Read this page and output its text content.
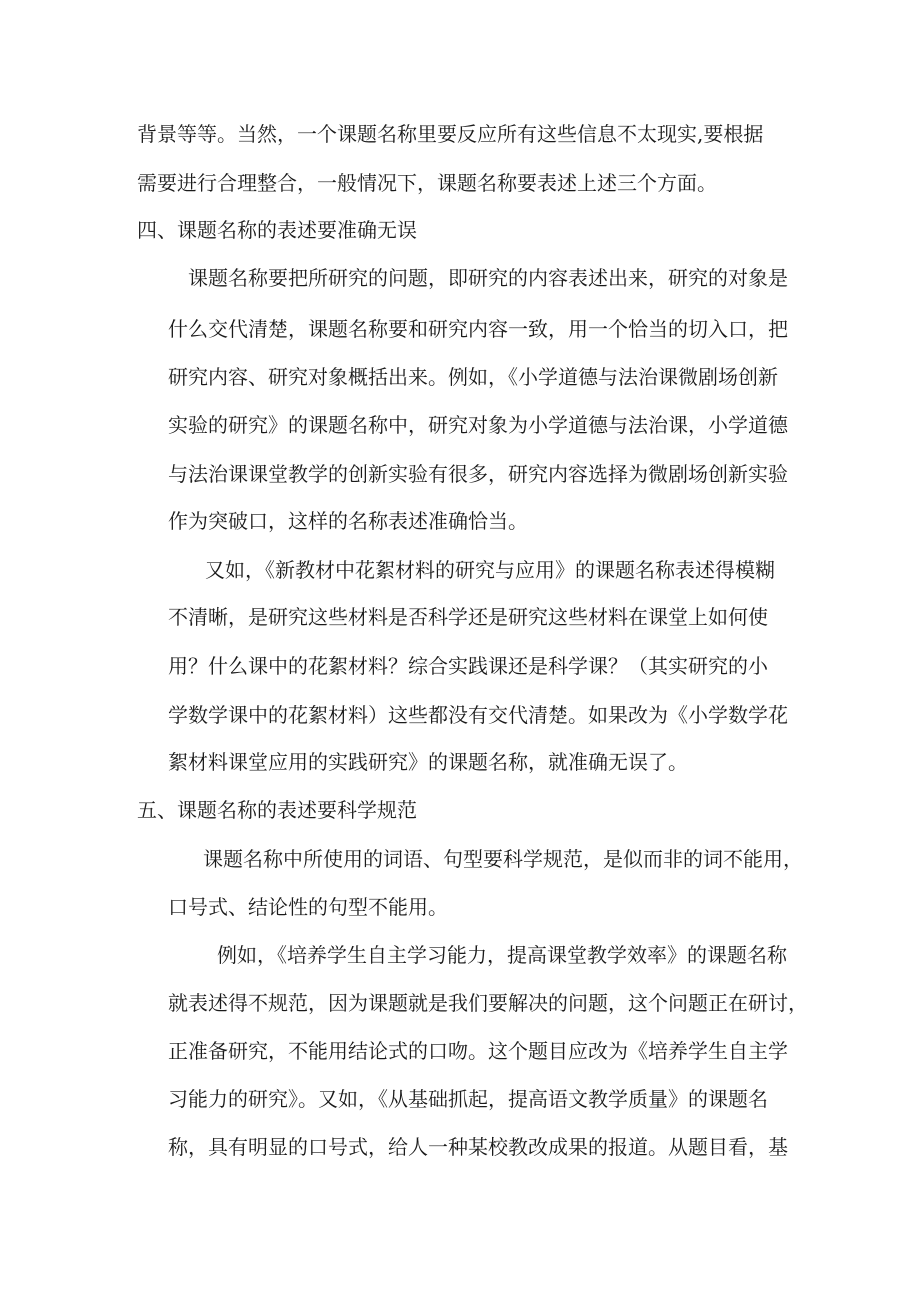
背景等等。当然，一个课题名称里要反应所有这些信息不太现实,要根据
需要进行合理整合，一般情况下，课题名称要表述上述三个方面。
四、课题名称的表述要准确无误
课题名称要把所研究的问题，即研究的内容表述出来，研究的对象是
什么交代清楚，课题名称要和研究内容一致，用一个恰当的切入口，把
研究内容、研究对象概括出来。例如，《小学道德与法治课微剧场创新
实验的研究》的课题名称中，研究对象为小学道德与法治课，小学道德
与法治课课堂教学的创新实验有很多，研究内容选择为微剧场创新实验
作为突破口，这样的名称表述准确恰当。
又如，《新教材中花絮材料的研究与应用》的课题名称表述得模糊
不清晰，是研究这些材料是否科学还是研究这些材料在课堂上如何使
用？什么课中的花絮材料？综合实践课还是科学课？（其实研究的小
学数学课中的花絮材料）这些都没有交代清楚。如果改为《小学数学花
絮材料课堂应用的实践研究》的课题名称，就准确无误了。
五、课题名称的表述要科学规范
课题名称中所使用的词语、句型要科学规范，是似而非的词不能用，
口号式、结论性的句型不能用。
例如，《培养学生自主学习能力，提高课堂教学效率》的课题名称
就表述得不规范，因为课题就是我们要解决的问题，这个问题正在研讨，
正准备研究，不能用结论式的口吻。这个题目应改为《培养学生自主学
习能力的研究》。又如，《从基础抓起，提高语文教学质量》的课题名
称，具有明显的口号式，给人一种某校教改成果的报道。从题目看，基
